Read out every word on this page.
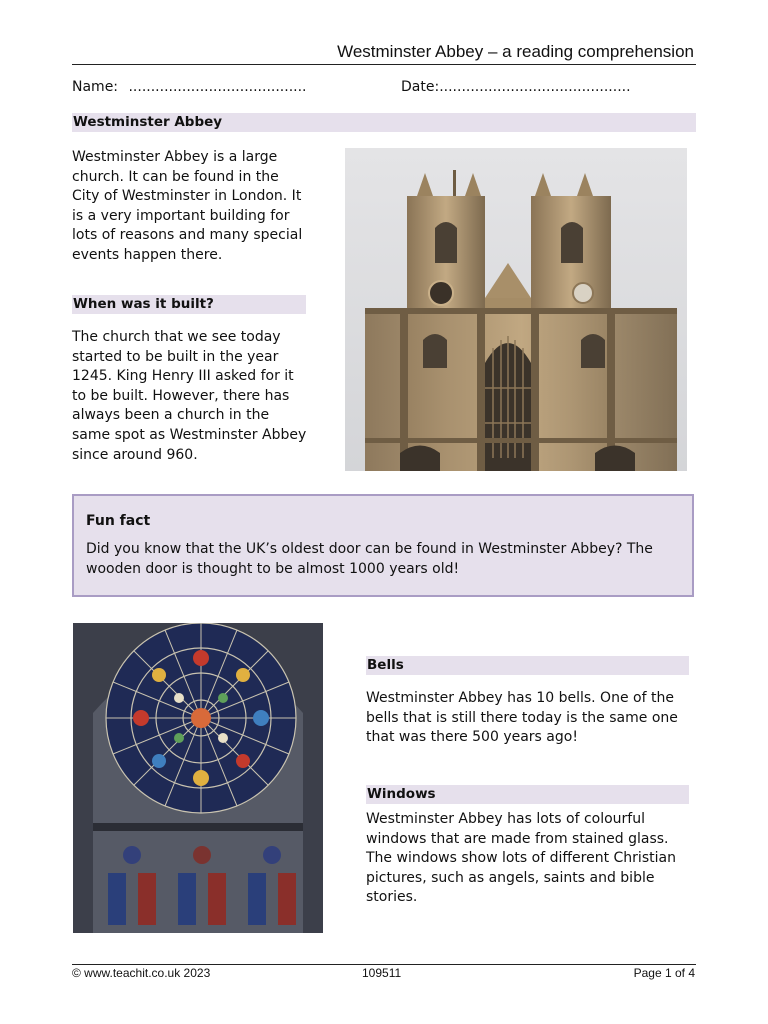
Westminster Abbey – a reading comprehension
Name: ........................................	Date:...........................................
Westminster Abbey
Westminster Abbey is a large church. It can be found in the City of Westminster in London. It is a very important building for lots of reasons and many special events happen there.
When was it built?
The church that we see today started to be built in the year 1245. King Henry III asked for it to be built. However, there has always been a church in the same spot as Westminster Abbey since around 960.
Fun fact
Did you know that the UK’s oldest door can be found in Westminster Abbey? The wooden door is thought to be almost 1000 years old!
Bells
Westminster Abbey has 10 bells. One of the bells that is still there today is the same one that was there 500 years ago!
Windows
Westminster Abbey has lots of colourful windows that are made from stained glass. The windows show lots of different Christian pictures, such as angels, saints and bible stories.
© www.teachit.co.uk 2023	109511	Page 1 of 4
